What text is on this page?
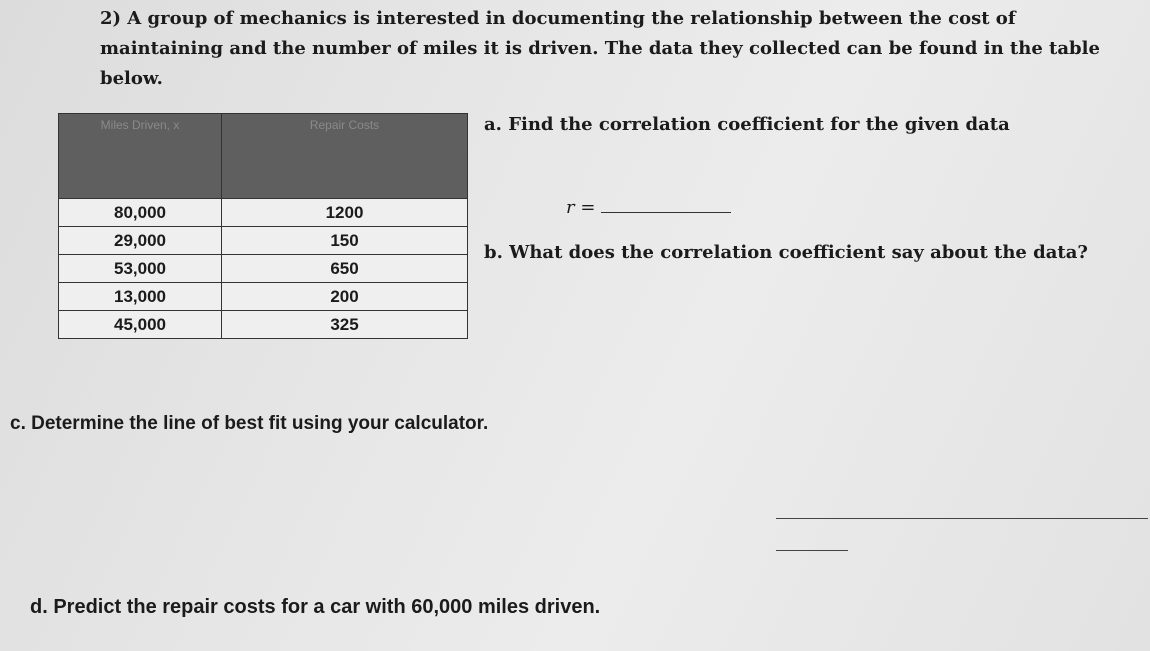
2) A group of mechanics is interested in documenting the relationship between the cost of maintaining and the number of miles it is driven. The data they collected can be found in the table below.

Miles Driven, x	Repair Costs
80,000	1200
29,000	150
53,000	650
13,000	200
45,000	325

a. Find the correlation coefficient for the given data

r =

b. What does the correlation coefficient say about the data?

c. Determine the line of best fit using your calculator.

d. Predict the repair costs for a car with 60,000 miles driven.
